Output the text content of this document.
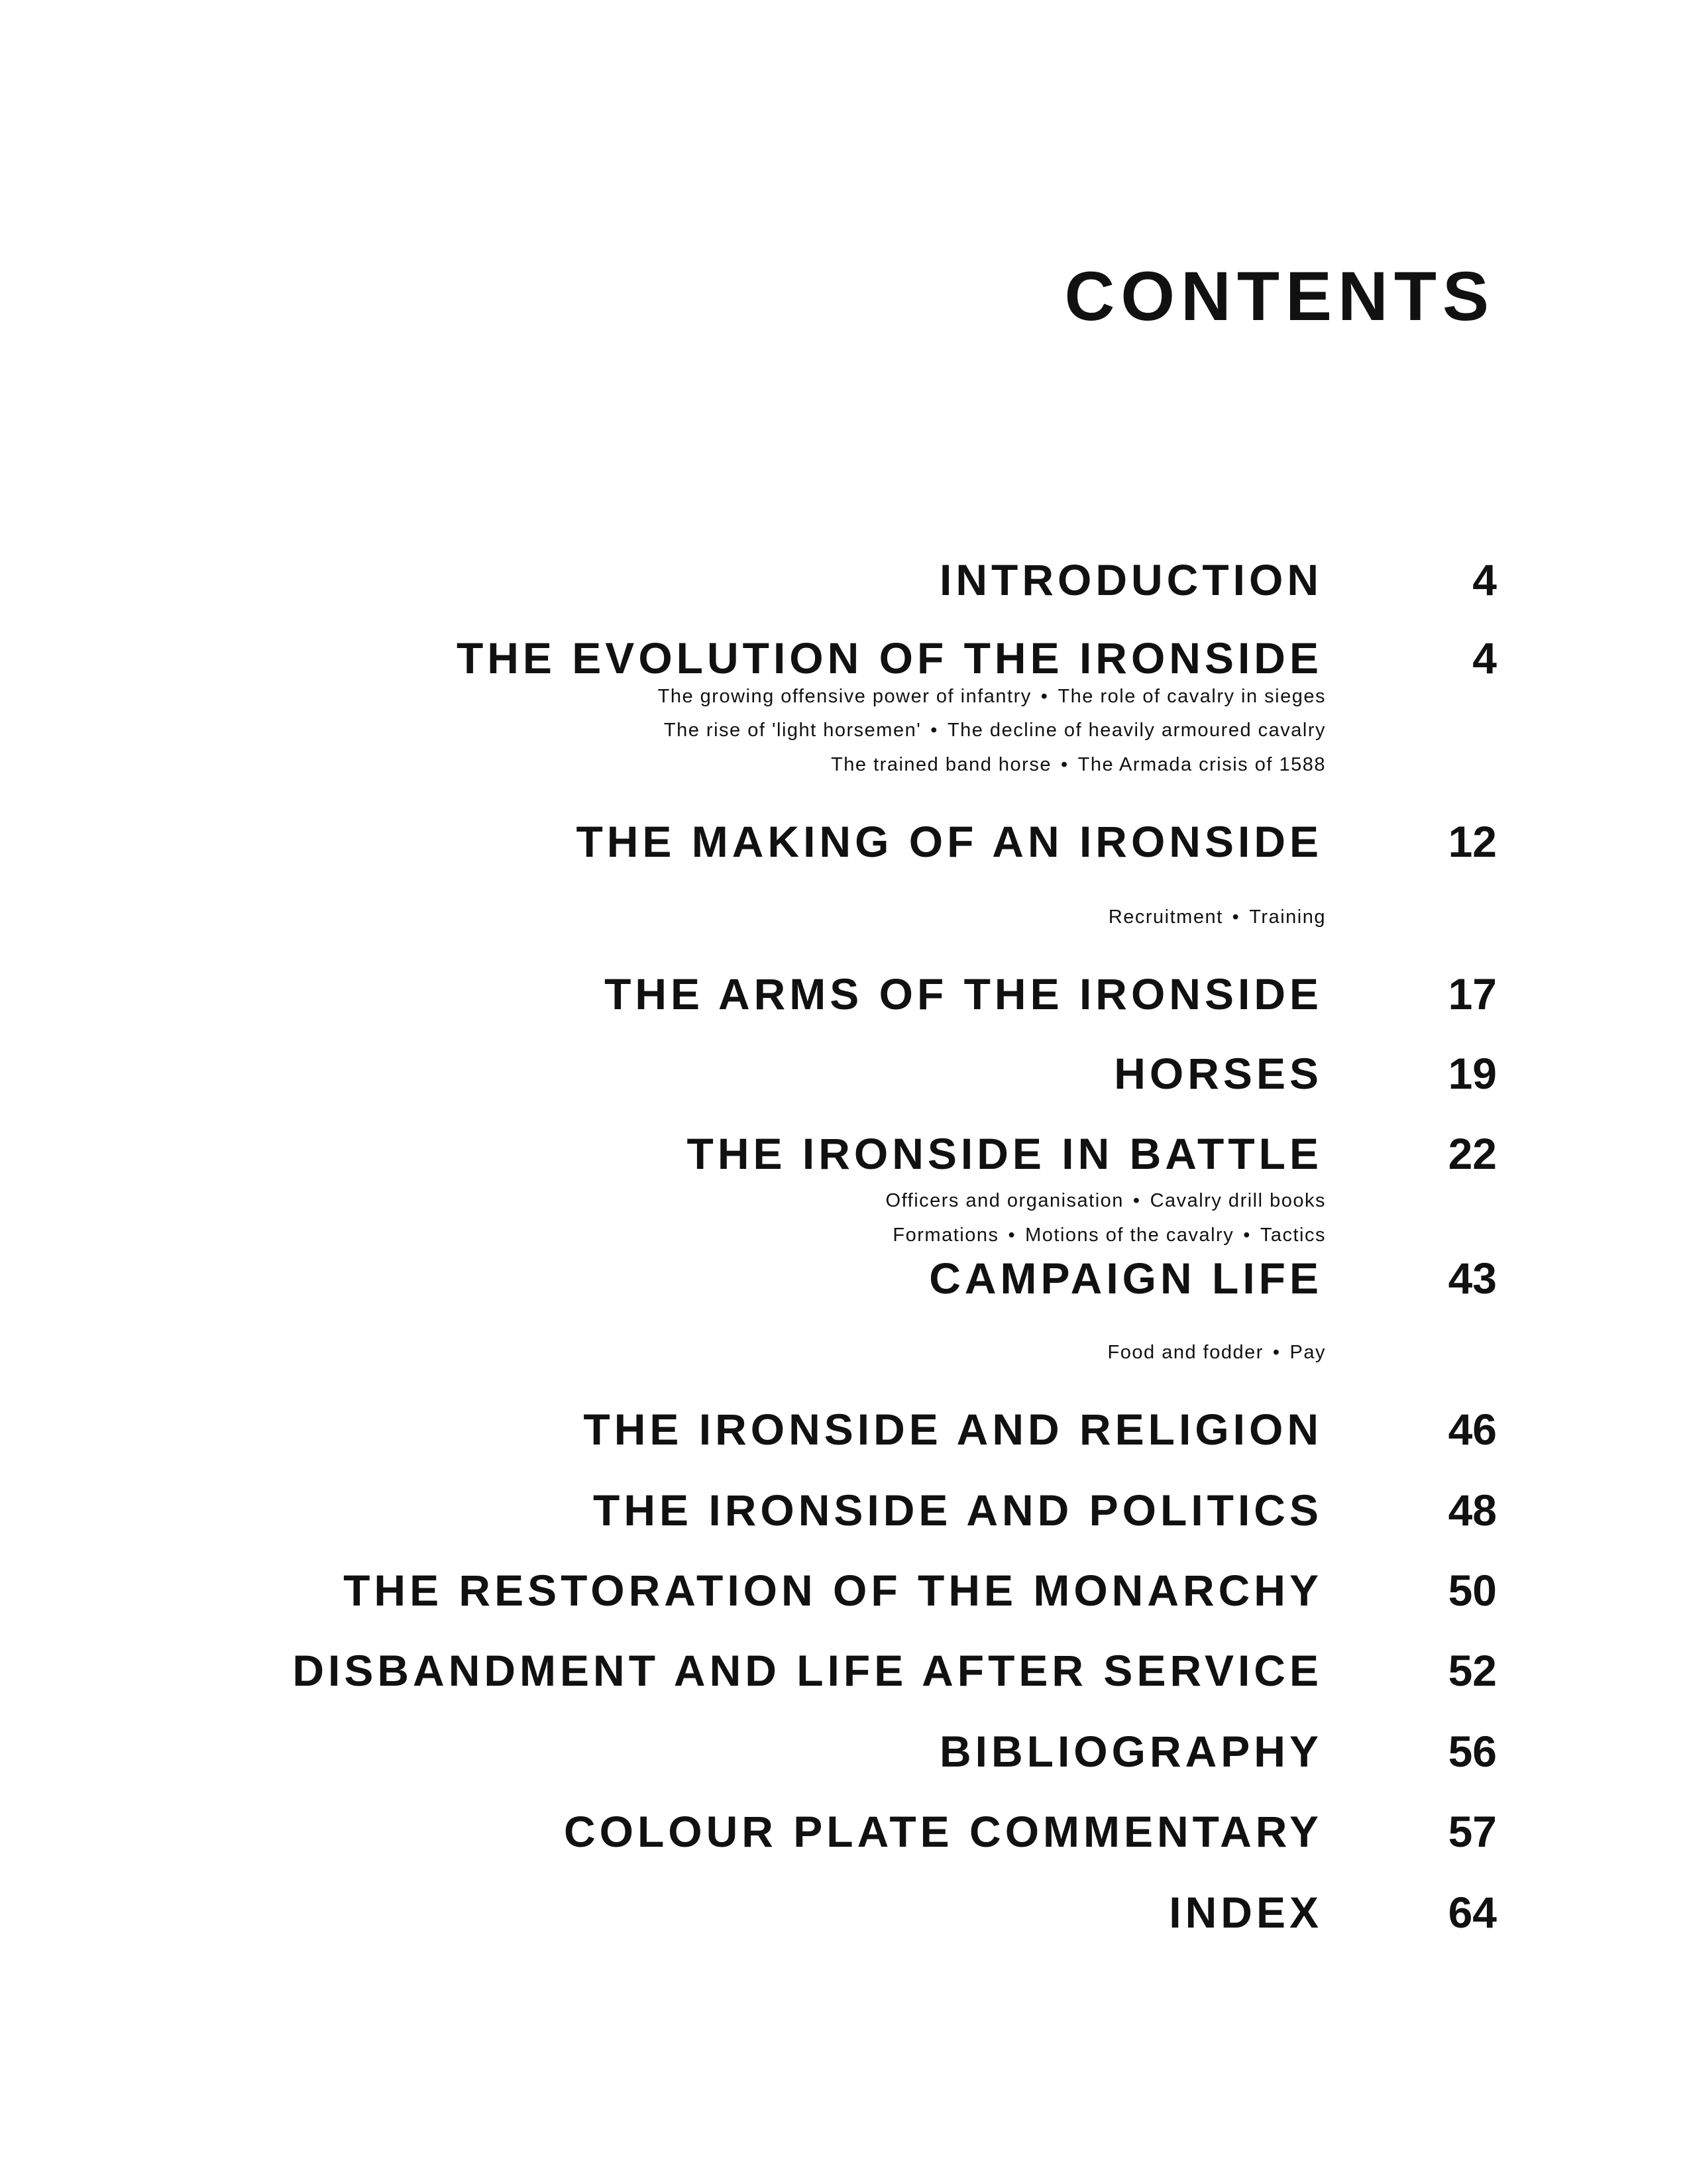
CONTENTS
INTRODUCTION	4
THE EVOLUTION OF THE IRONSIDE	4
The growing offensive power of infantry • The role of cavalry in sieges
The rise of 'light horsemen' • The decline of heavily armoured cavalry
The trained band horse • The Armada crisis of 1588
THE MAKING OF AN IRONSIDE	12
Recruitment • Training
THE ARMS OF THE IRONSIDE	17
HORSES	19
THE IRONSIDE IN BATTLE	22
Officers and organisation • Cavalry drill books
Formations • Motions of the cavalry • Tactics
CAMPAIGN LIFE	43
Food and fodder • Pay
THE IRONSIDE AND RELIGION	46
THE IRONSIDE AND POLITICS	48
THE RESTORATION OF THE MONARCHY	50
DISBANDMENT AND LIFE AFTER SERVICE	52
BIBLIOGRAPHY	56
COLOUR PLATE COMMENTARY	57
INDEX	64
